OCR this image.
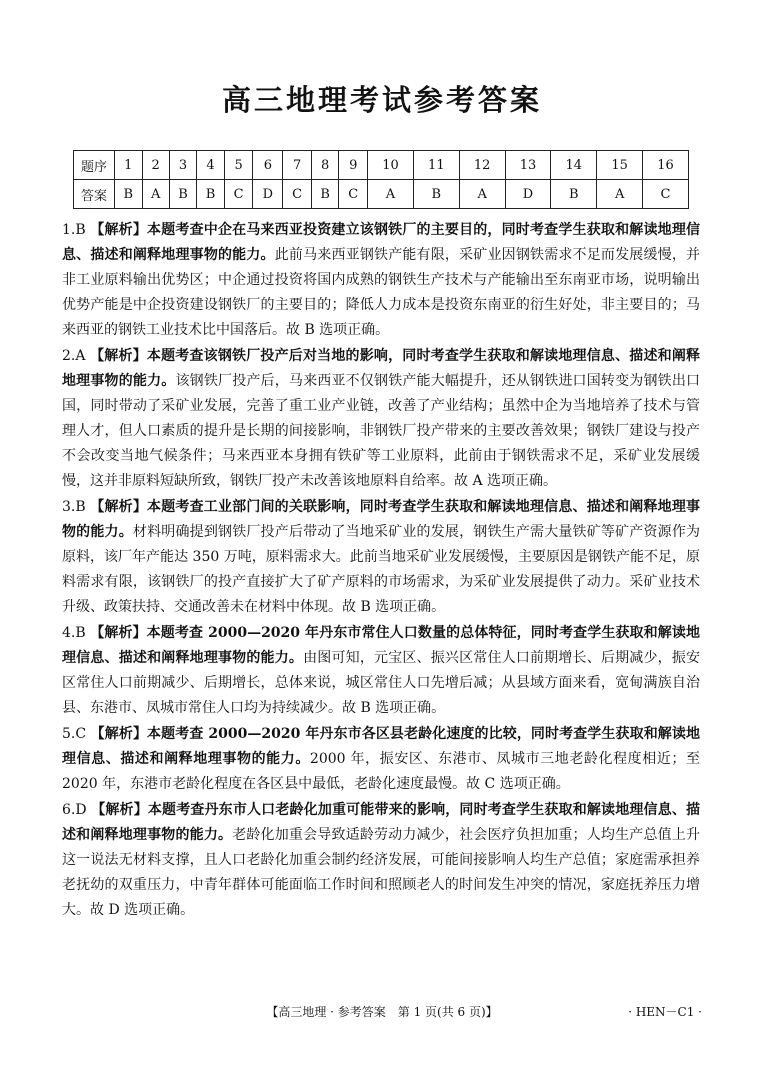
高三地理考试参考答案
题序	1	2	3	4	5	6	7	8	9	10	11	12	13	14	15	16
答案	B	A	B	B	C	D	C	B	C	A	B	A	D	B	A	C
1.B 【解析】本题考查中企在马来西亚投资建立该钢铁厂的主要目的，同时考查学生获取和解读地理信息、描述和阐释地理事物的能力。此前马来西亚钢铁产能有限，采矿业因钢铁需求不足而发展缓慢，并非工业原料输出优势区；中企通过投资将国内成熟的钢铁生产技术与产能输出至东南亚市场，说明输出优势产能是中企投资建设钢铁厂的主要目的；降低人力成本是投资东南亚的衍生好处，非主要目的；马来西亚的钢铁工业技术比中国落后。故 B 选项正确。
2.A 【解析】本题考查该钢铁厂投产后对当地的影响，同时考查学生获取和解读地理信息、描述和阐释地理事物的能力。该钢铁厂投产后，马来西亚不仅钢铁产能大幅提升，还从钢铁进口国转变为钢铁出口国，同时带动了采矿业发展，完善了重工业产业链，改善了产业结构；虽然中企为当地培养了技术与管理人才，但人口素质的提升是长期的间接影响，非钢铁厂投产带来的主要改善效果；钢铁厂建设与投产不会改变当地气候条件；马来西亚本身拥有铁矿等工业原料，此前由于钢铁需求不足，采矿业发展缓慢，这并非原料短缺所致，钢铁厂投产未改善该地原料自给率。故 A 选项正确。
3.B 【解析】本题考查工业部门间的关联影响，同时考查学生获取和解读地理信息、描述和阐释地理事物的能力。材料明确提到钢铁厂投产后带动了当地采矿业的发展，钢铁生产需大量铁矿等矿产资源作为原料，该厂年产能达 350 万吨，原料需求大。此前当地采矿业发展缓慢，主要原因是钢铁产能不足，原料需求有限，该钢铁厂的投产直接扩大了矿产原料的市场需求，为采矿业发展提供了动力。采矿业技术升级、政策扶持、交通改善未在材料中体现。故 B 选项正确。
4.B 【解析】本题考查 2000—2020 年丹东市常住人口数量的总体特征，同时考查学生获取和解读地理信息、描述和阐释地理事物的能力。由图可知，元宝区、振兴区常住人口前期增长、后期减少，振安区常住人口前期减少、后期增长，总体来说，城区常住人口先增后减；从县域方面来看，宽甸满族自治县、东港市、凤城市常住人口均为持续减少。故 B 选项正确。
5.C 【解析】本题考查 2000—2020 年丹东市各区县老龄化速度的比较，同时考查学生获取和解读地理信息、描述和阐释地理事物的能力。2000 年，振安区、东港市、凤城市三地老龄化程度相近；至 2020 年，东港市老龄化程度在各区县中最低，老龄化速度最慢。故 C 选项正确。
6.D 【解析】本题考查丹东市人口老龄化加重可能带来的影响，同时考查学生获取和解读地理信息、描述和阐释地理事物的能力。老龄化加重会导致适龄劳动力减少，社会医疗负担加重；人均生产总值上升这一说法无材料支撑，且人口老龄化加重会制约经济发展，可能间接影响人均生产总值；家庭需承担养老抚幼的双重压力，中青年群体可能面临工作时间和照顾老人的时间发生冲突的情况，家庭抚养压力增大。故 D 选项正确。
【高三地理 · 参考答案　第 1 页(共 6 页)】	· HEN－C1 ·
